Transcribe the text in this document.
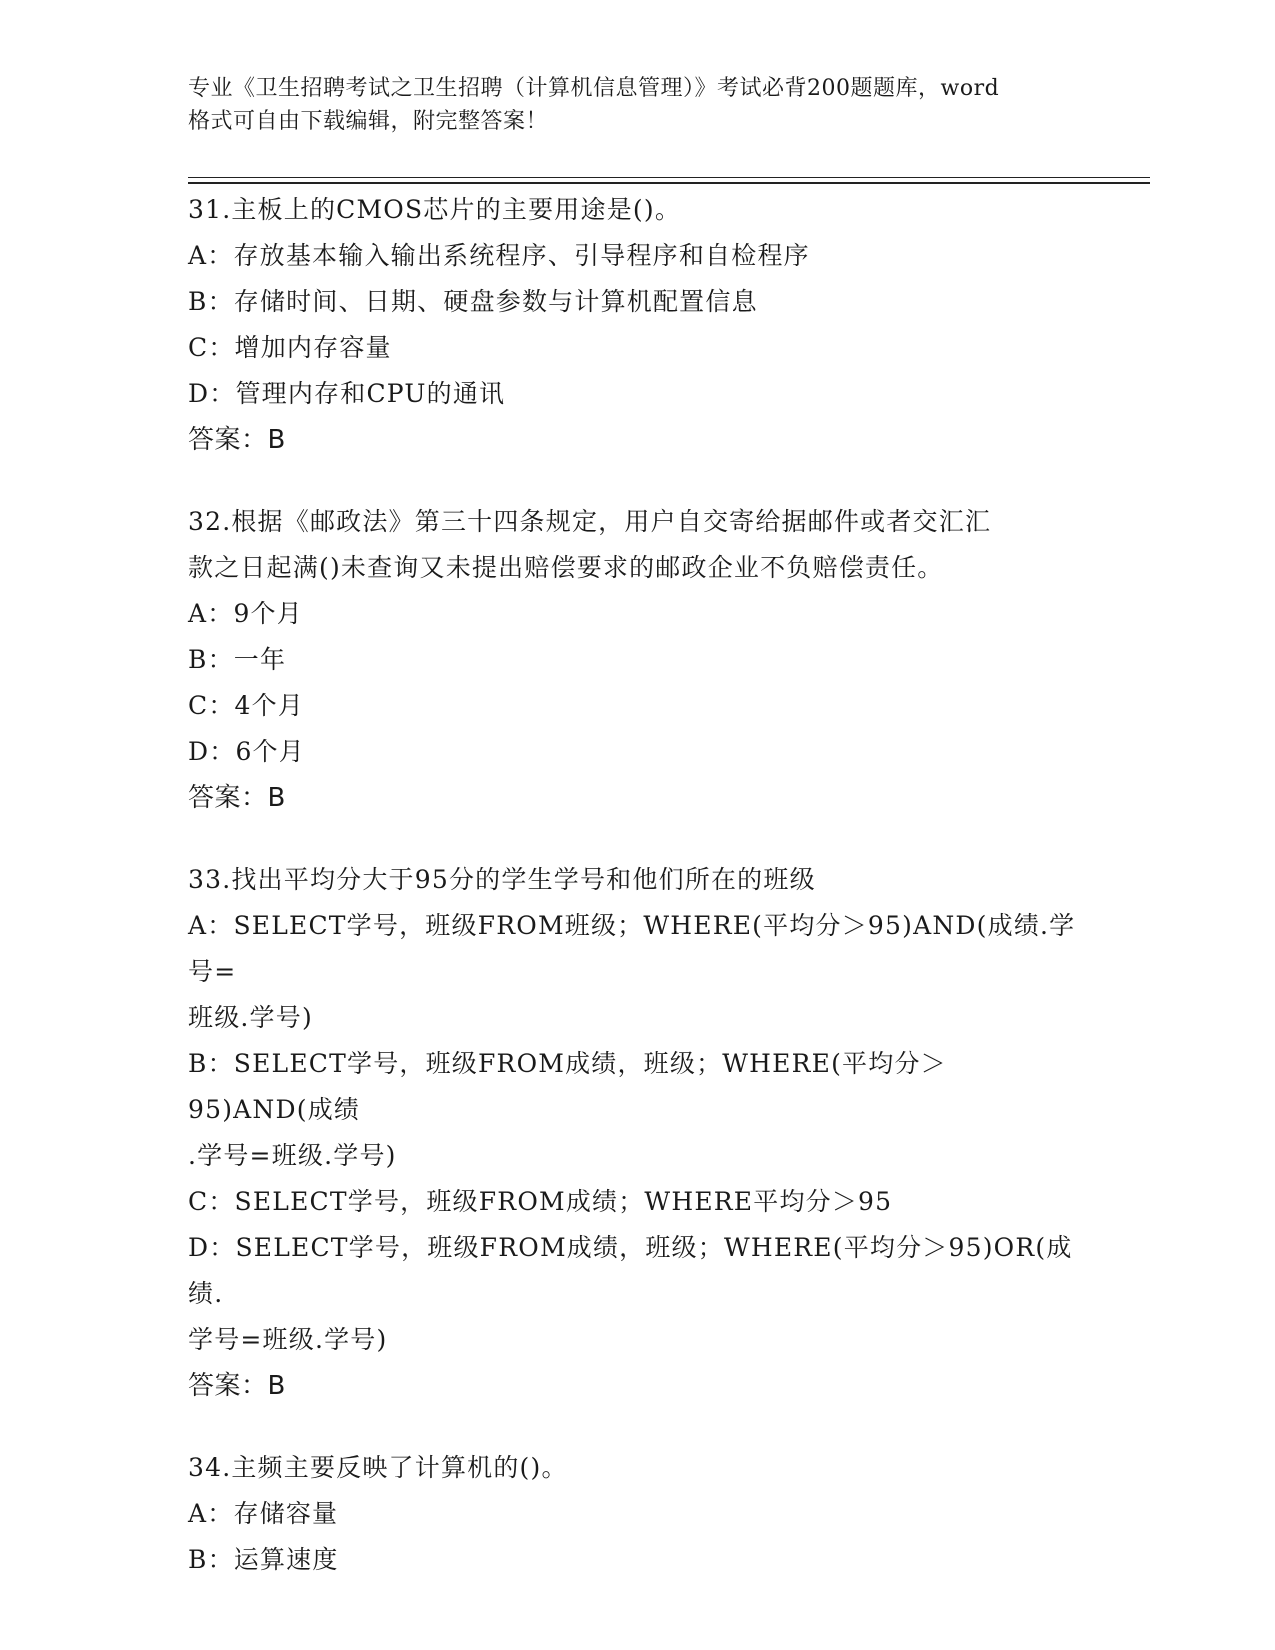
专业《卫生招聘考试之卫生招聘（计算机信息管理）》考试必背200题题库，word
格式可自由下载编辑，附完整答案！
31.主板上的CMOS芯片的主要用途是()。
A：存放基本输入输出系统程序、引导程序和自检程序
B：存储时间、日期、硬盘参数与计算机配置信息
C：增加内存容量
D：管理内存和CPU的通讯
答案：B
32.根据《邮政法》第三十四条规定，用户自交寄给据邮件或者交汇汇
款之日起满()未查询又未提出赔偿要求的邮政企业不负赔偿责任。
A：9个月
B：一年
C：4个月
D：6个月
答案：B
33.找出平均分大于95分的学生学号和他们所在的班级
A：SELECT学号，班级FROM班级；WHERE(平均分＞95)AND(成绩.学号=
班级.学号)
B：SELECT学号，班级FROM成绩，班级；WHERE(平均分＞95)AND(成绩
.学号=班级.学号)
C：SELECT学号，班级FROM成绩；WHERE平均分＞95
D：SELECT学号，班级FROM成绩，班级；WHERE(平均分＞95)OR(成绩.
学号=班级.学号)
答案：B
34.主频主要反映了计算机的()。
A：存储容量
B：运算速度
